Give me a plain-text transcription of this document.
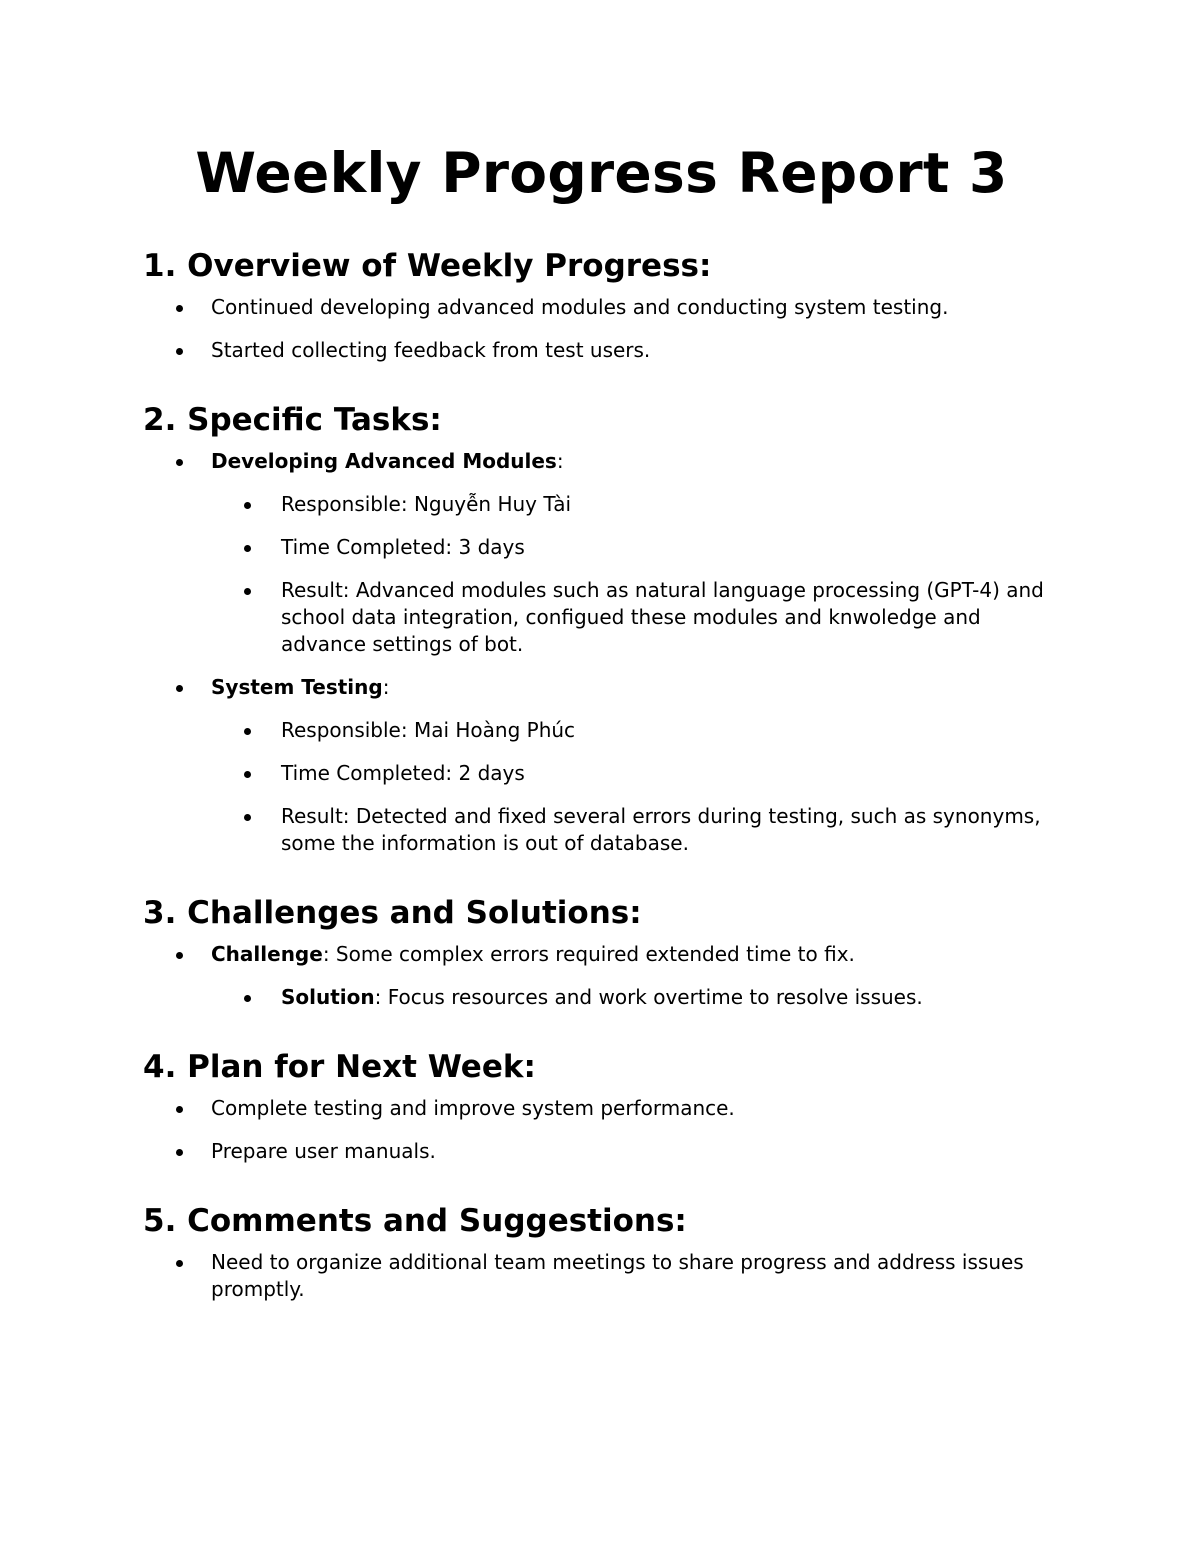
Weekly Progress Report 3
1. Overview of Weekly Progress:
Continued developing advanced modules and conducting system testing.
Started collecting feedback from test users.
2. Specific Tasks:
Developing Advanced Modules:
Responsible: Nguyễn Huy Tài
Time Completed: 3 days
Result: Advanced modules such as natural language processing (GPT-4) and school data integration, configued these modules and knwoledge and advance settings of bot.
System Testing:
Responsible: Mai Hoàng Phúc
Time Completed: 2 days
Result: Detected and fixed several errors during testing, such as synonyms, some the information is out of database.
3. Challenges and Solutions:
Challenge: Some complex errors required extended time to fix.
Solution: Focus resources and work overtime to resolve issues.
4. Plan for Next Week:
Complete testing and improve system performance.
Prepare user manuals.
5. Comments and Suggestions:
Need to organize additional team meetings to share progress and address issues promptly.
